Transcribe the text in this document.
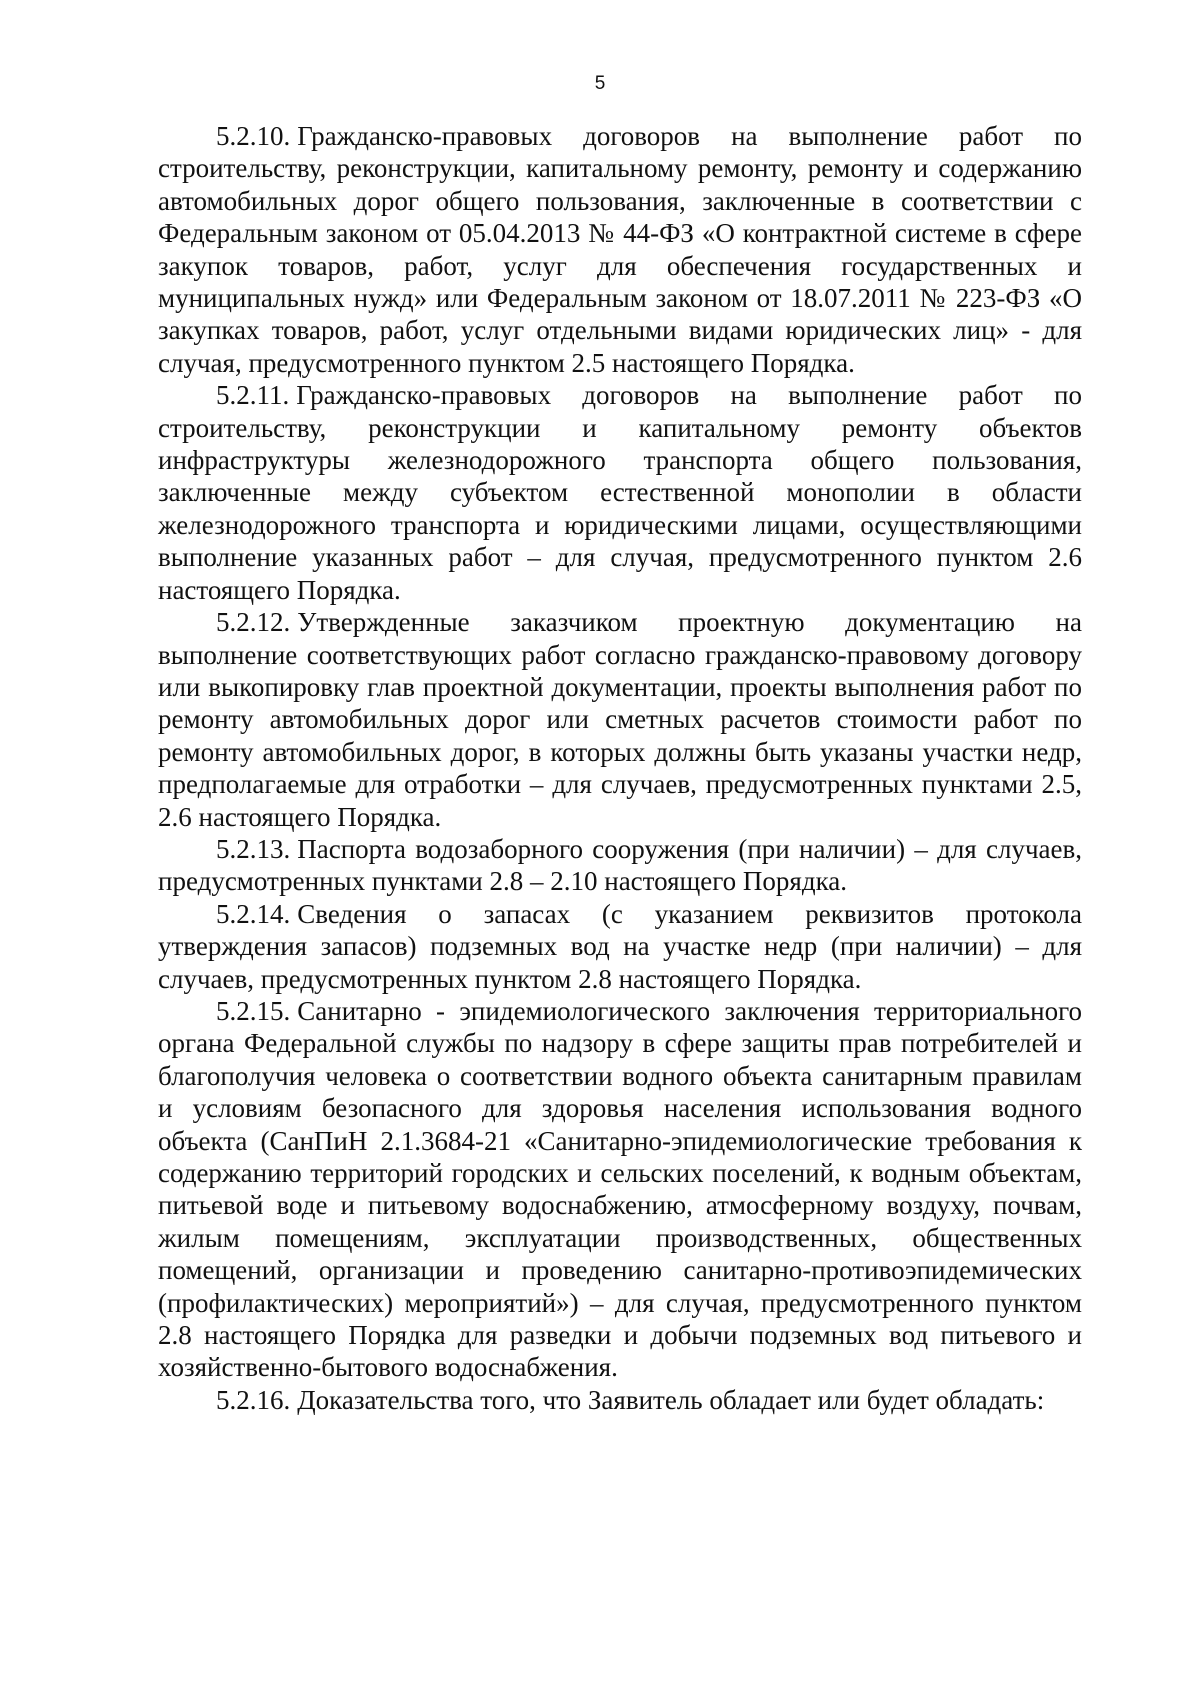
5

5.2.10. Гражданско-правовых договоров на выполнение работ по строительству, реконструкции, капитальному ремонту, ремонту и содержанию автомобильных дорог общего пользования, заключенные в соответствии с Федеральным законом от 05.04.2013 № 44-ФЗ «О контрактной системе в сфере закупок товаров, работ, услуг для обеспечения государственных и муниципальных нужд» или Федеральным законом от 18.07.2011 № 223-ФЗ «О закупках товаров, работ, услуг отдельными видами юридических лиц» - для случая, предусмотренного пунктом 2.5 настоящего Порядка.

5.2.11. Гражданско-правовых договоров на выполнение работ по строительству, реконструкции и капитальному ремонту объектов инфраструктуры железнодорожного транспорта общего пользования, заключенные между субъектом естественной монополии в области железнодорожного транспорта и юридическими лицами, осуществляющими выполнение указанных работ – для случая, предусмотренного пунктом 2.6 настоящего Порядка.

5.2.12. Утвержденные заказчиком проектную документацию на выполнение соответствующих работ согласно гражданско-правовому договору или выкопировку глав проектной документации, проекты выполнения работ по ремонту автомобильных дорог или сметных расчетов стоимости работ по ремонту автомобильных дорог, в которых должны быть указаны участки недр, предполагаемые для отработки – для случаев, предусмотренных пунктами 2.5, 2.6 настоящего Порядка.

5.2.13. Паспорта водозаборного сооружения (при наличии) – для случаев, предусмотренных пунктами 2.8 – 2.10 настоящего Порядка.

5.2.14. Сведения о запасах (с указанием реквизитов протокола утверждения запасов) подземных вод на участке недр (при наличии) – для случаев, предусмотренных пунктом 2.8 настоящего Порядка.

5.2.15. Санитарно - эпидемиологического заключения территориального органа Федеральной службы по надзору в сфере защиты прав потребителей и благополучия человека о соответствии водного объекта санитарным правилам и условиям безопасного для здоровья населения использования водного объекта (СанПиН 2.1.3684-21 «Санитарно-эпидемиологические требования к содержанию территорий городских и сельских поселений, к водным объектам, питьевой воде и питьевому водоснабжению, атмосферному воздуху, почвам, жилым помещениям, эксплуатации производственных, общественных помещений, организации и проведению санитарно-противоэпидемических (профилактических) мероприятий») – для случая, предусмотренного пунктом 2.8 настоящего Порядка для разведки и добычи подземных вод питьевого и хозяйственно-бытового водоснабжения.

5.2.16. Доказательства того, что Заявитель обладает или будет обладать:
